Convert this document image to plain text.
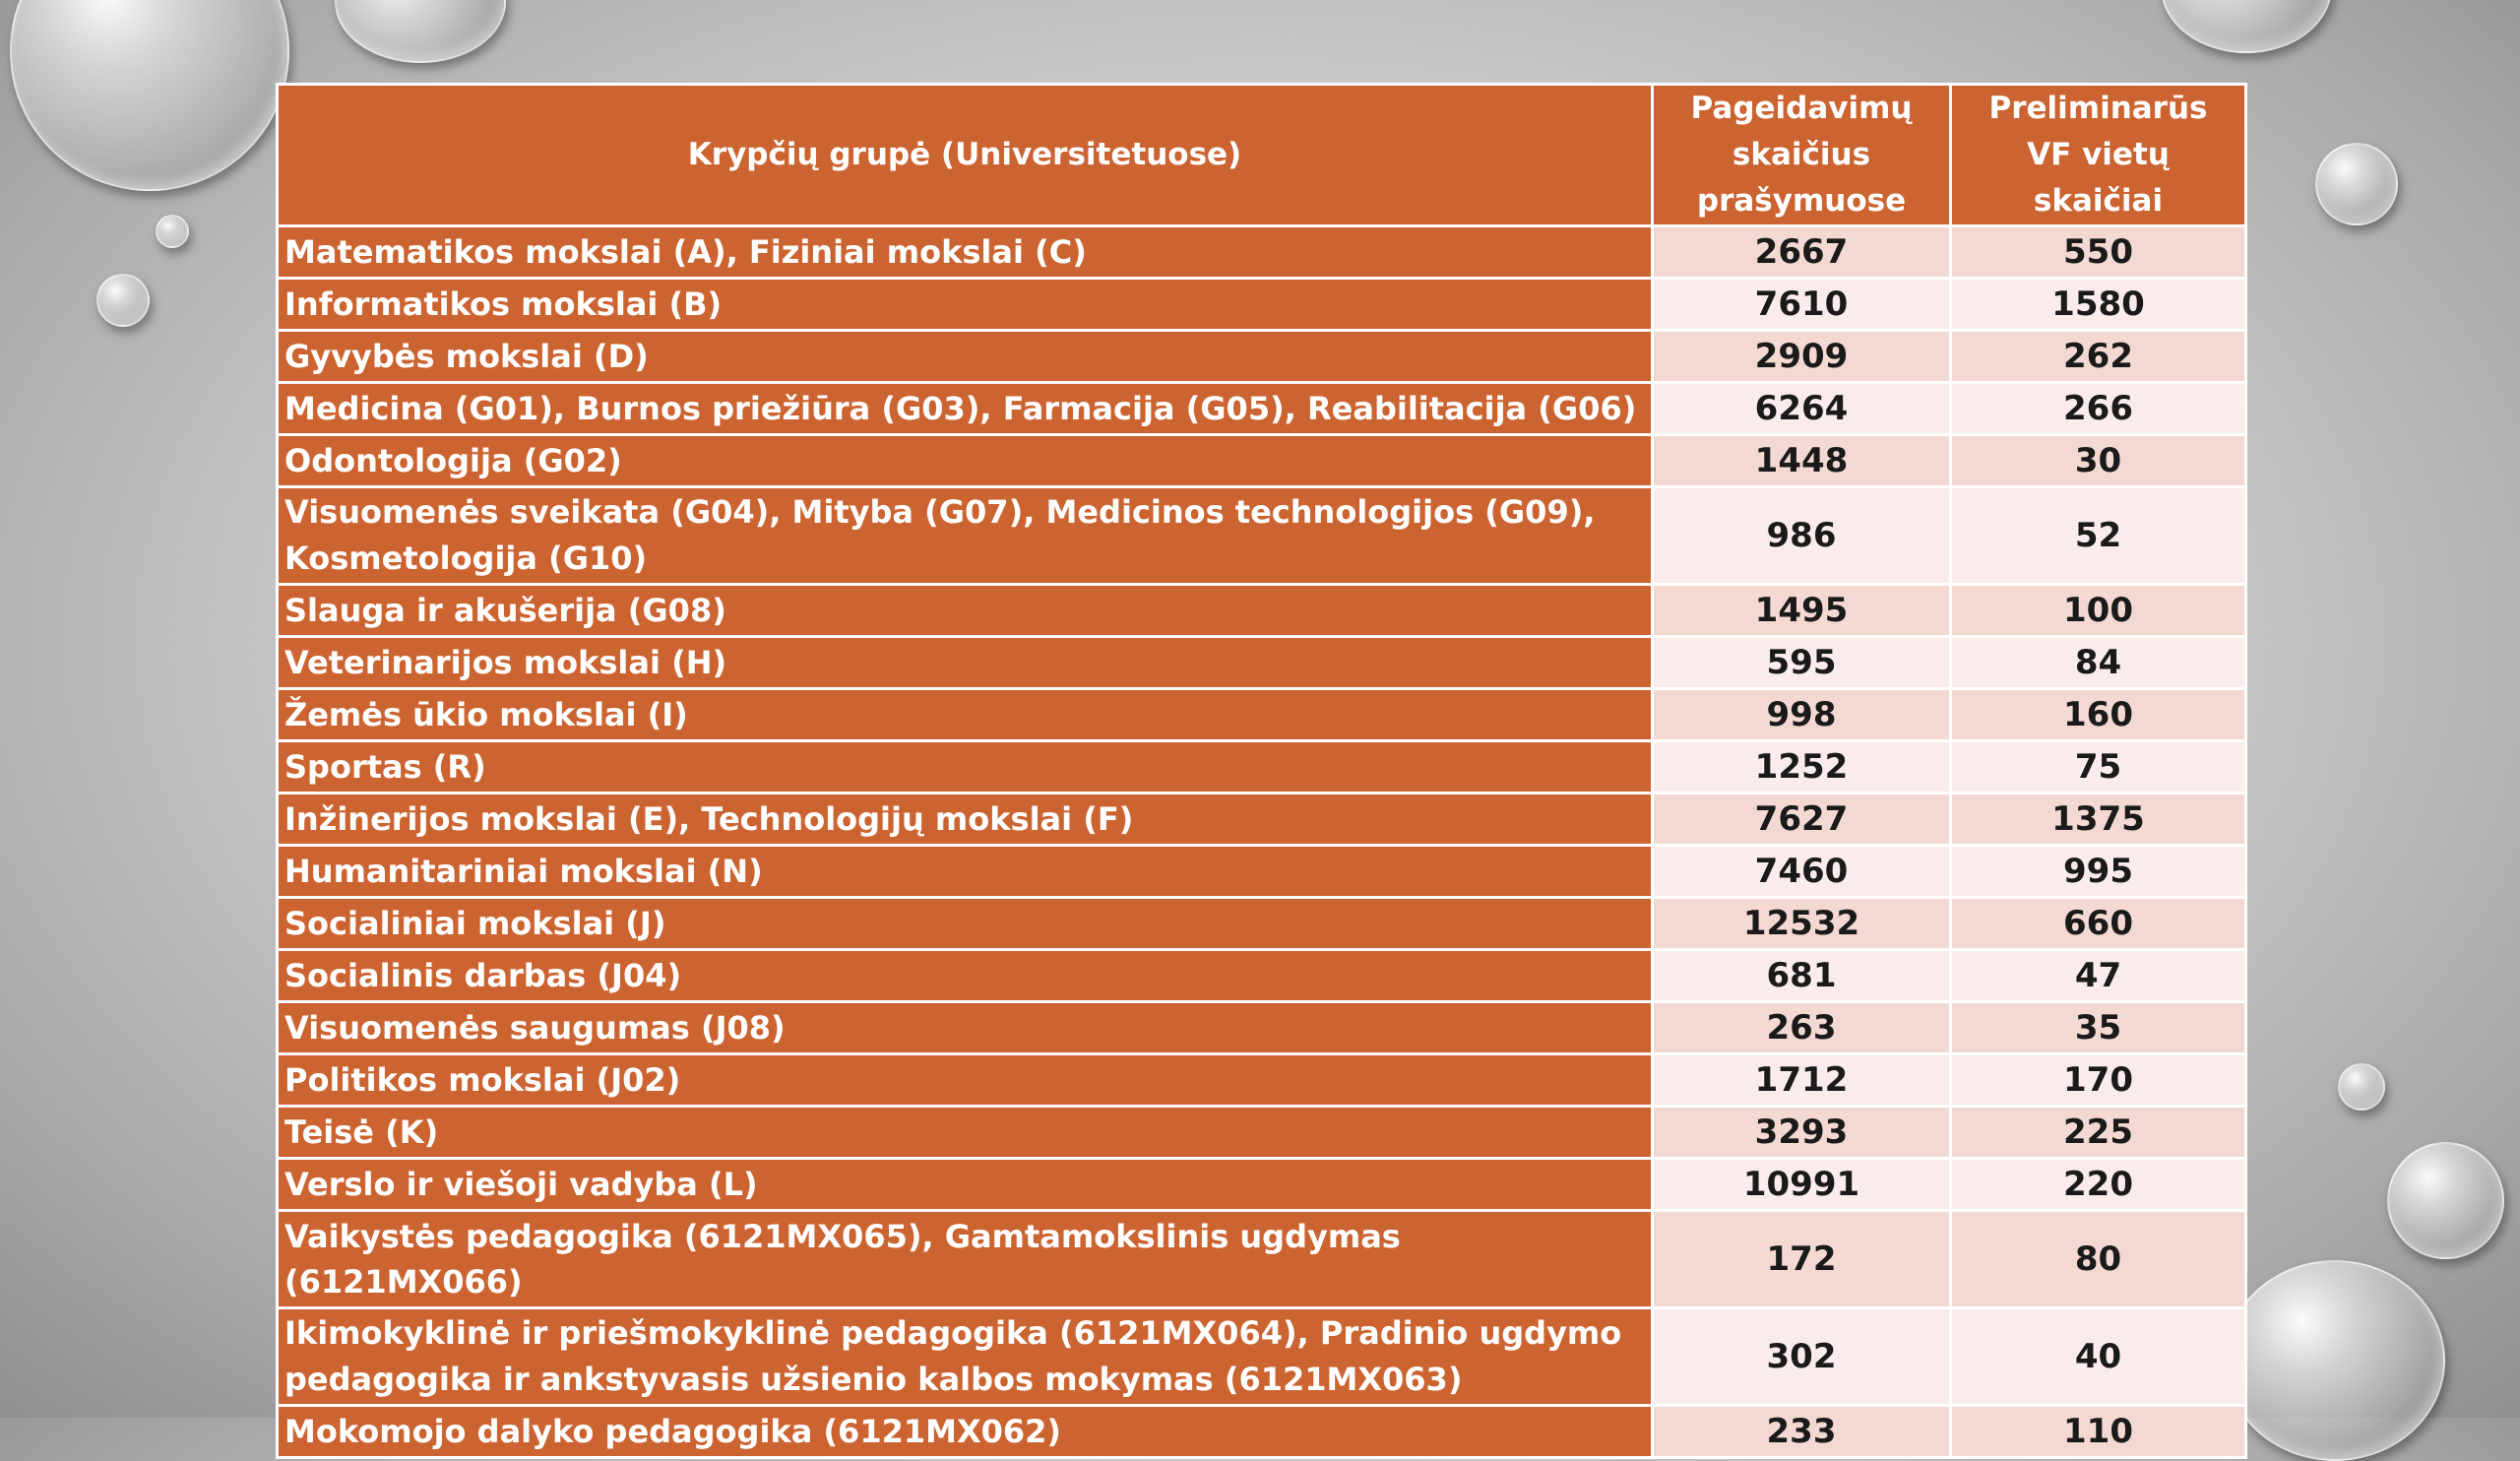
Krypčių grupė (Universitetuose)	Pageidavimų skaičius prašymuose	Preliminarūs VF vietų skaičiai
Matematikos mokslai (A), Fiziniai mokslai (C)	2667	550
Informatikos mokslai (B)	7610	1580
Gyvybės mokslai (D)	2909	262
Medicina (G01), Burnos priežiūra (G03), Farmacija (G05), Reabilitacija (G06)	6264	266
Odontologija (G02)	1448	30
Visuomenės sveikata (G04), Mityba (G07), Medicinos technologijos (G09), Kosmetologija (G10)	986	52
Slauga ir akušerija (G08)	1495	100
Veterinarijos mokslai (H)	595	84
Žemės ūkio mokslai (I)	998	160
Sportas (R)	1252	75
Inžinerijos mokslai (E), Technologijų mokslai (F)	7627	1375
Humanitariniai mokslai (N)	7460	995
Socialiniai mokslai (J)	12532	660
Socialinis darbas (J04)	681	47
Visuomenės saugumas (J08)	263	35
Politikos mokslai (J02)	1712	170
Teisė (K)	3293	225
Verslo ir viešoji vadyba (L)	10991	220
Vaikystės pedagogika (6121MX065), Gamtamokslinis ugdymas (6121MX066)	172	80
Ikimokyklinė ir priešmokyklinė pedagogika (6121MX064), Pradinio ugdymo pedagogika ir ankstyvasis užsienio kalbos mokymas (6121MX063)	302	40
Mokomojo dalyko pedagogika (6121MX062)	233	110
